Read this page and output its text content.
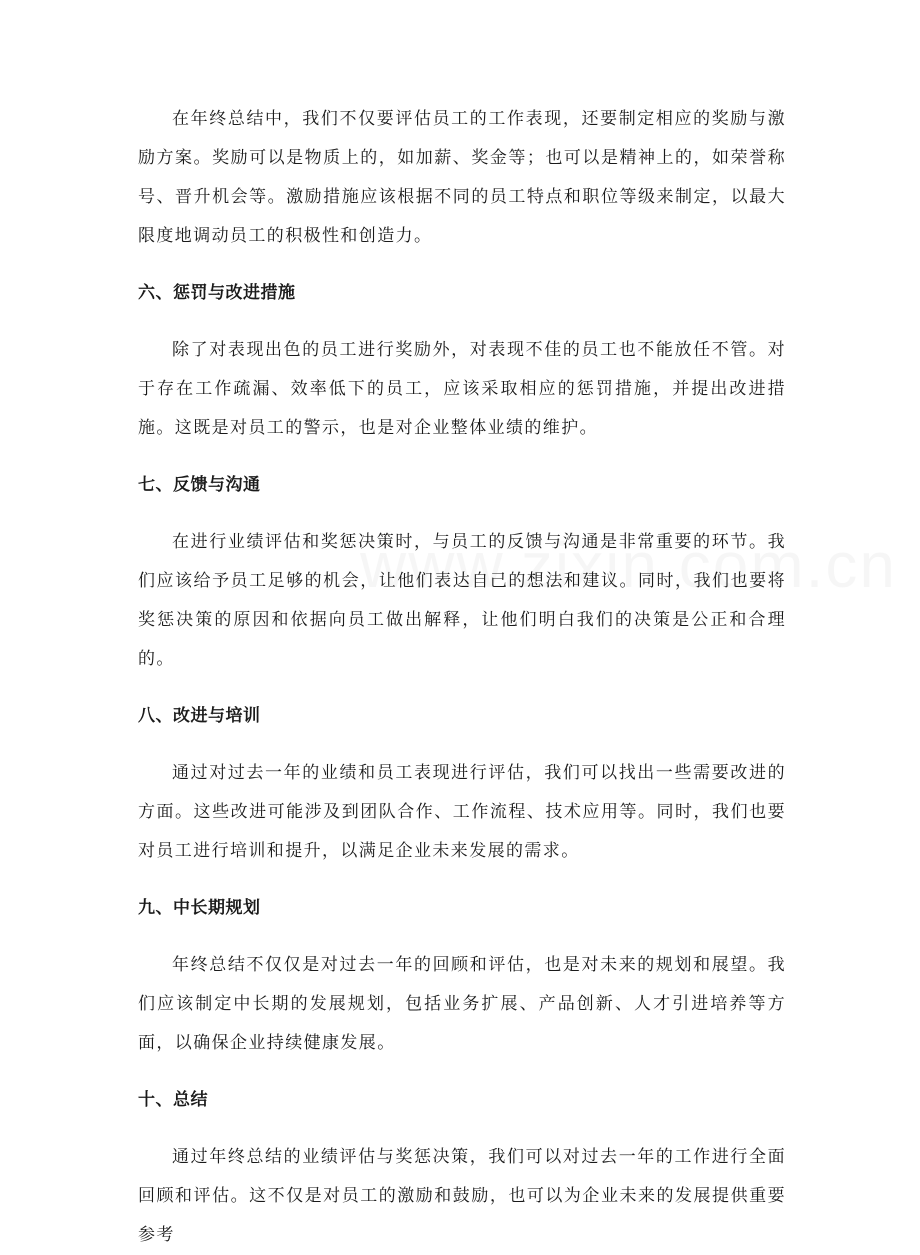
在年终总结中，我们不仅要评估员工的工作表现，还要制定相应的奖励与激励方案。奖励可以是物质上的，如加薪、奖金等；也可以是精神上的，如荣誉称号、晋升机会等。激励措施应该根据不同的员工特点和职位等级来制定，以最大限度地调动员工的积极性和创造力。

六、惩罚与改进措施

除了对表现出色的员工进行奖励外，对表现不佳的员工也不能放任不管。对于存在工作疏漏、效率低下的员工，应该采取相应的惩罚措施，并提出改进措施。这既是对员工的警示，也是对企业整体业绩的维护。

七、反馈与沟通

在进行业绩评估和奖惩决策时，与员工的反馈与沟通是非常重要的环节。我们应该给予员工足够的机会，让他们表达自己的想法和建议。同时，我们也要将奖惩决策的原因和依据向员工做出解释，让他们明白我们的决策是公正和合理的。

八、改进与培训

通过对过去一年的业绩和员工表现进行评估，我们可以找出一些需要改进的方面。这些改进可能涉及到团队合作、工作流程、技术应用等。同时，我们也要对员工进行培训和提升，以满足企业未来发展的需求。

九、中长期规划

年终总结不仅仅是对过去一年的回顾和评估，也是对未来的规划和展望。我们应该制定中长期的发展规划，包括业务扩展、产品创新、人才引进培养等方面，以确保企业持续健康发展。

十、总结

通过年终总结的业绩评估与奖惩决策，我们可以对过去一年的工作进行全面回顾和评估。这不仅是对员工的激励和鼓励，也可以为企业未来的发展提供重要参考
